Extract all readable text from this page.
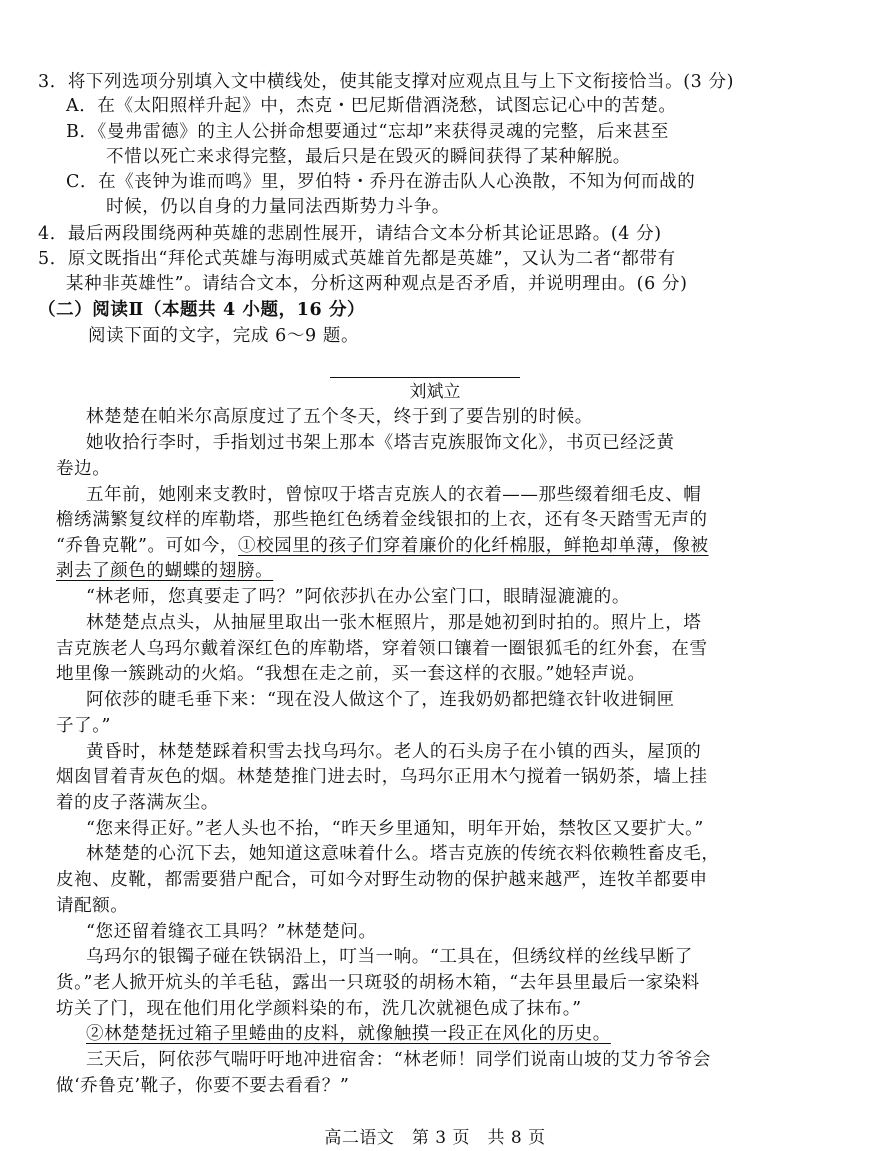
3．将下列选项分别填入文中横线处，使其能支撑对应观点且与上下文衔接恰当。(3 分)
A．在《太阳照样升起》中，杰克・巴尼斯借酒浇愁，试图忘记心中的苦楚。
B．《曼弗雷德》的主人公拼命想要通过“忘却”来获得灵魂的完整，后来甚至
不惜以死亡来求得完整，最后只是在毁灭的瞬间获得了某种解脱。
C．在《丧钟为谁而鸣》里，罗伯特・乔丹在游击队人心涣散，不知为何而战的
时候，仍以自身的力量同法西斯势力斗争。
4．最后两段围绕两种英雄的悲剧性展开，请结合文本分析其论证思路。(4 分)
5．原文既指出“拜伦式英雄与海明威式英雄首先都是英雄”，又认为二者“都带有
某种非英雄性”。请结合文本，分析这两种观点是否矛盾，并说明理由。(6 分)
（二）阅读Ⅱ（本题共 4 小题，16 分）
阅读下面的文字，完成 6～9 题。
刘斌立
林楚楚在帕米尔高原度过了五个冬天，终于到了要告别的时候。
她收拾行李时，手指划过书架上那本《塔吉克族服饰文化》，书页已经泛黄
卷边。
五年前，她刚来支教时，曾惊叹于塔吉克族人的衣着——那些缀着细毛皮、帽
檐绣满繁复纹样的库勒塔，那些艳红色绣着金线银扣的上衣，还有冬天踏雪无声的
“乔鲁克靴”。可如今，①校园里的孩子们穿着廉价的化纤棉服，鲜艳却单薄，像被
剥去了颜色的蝴蝶的翅膀。
“林老师，您真要走了吗？”阿依莎扒在办公室门口，眼睛湿漉漉的。
林楚楚点点头，从抽屉里取出一张木框照片，那是她初到时拍的。照片上，塔
吉克族老人乌玛尔戴着深红色的库勒塔，穿着领口镶着一圈银狐毛的红外套，在雪
地里像一簇跳动的火焰。“我想在走之前，买一套这样的衣服。”她轻声说。
阿依莎的睫毛垂下来：“现在没人做这个了，连我奶奶都把缝衣针收进铜匣
子了。”
黄昏时，林楚楚踩着积雪去找乌玛尔。老人的石头房子在小镇的西头，屋顶的
烟囱冒着青灰色的烟。林楚楚推门进去时，乌玛尔正用木勺搅着一锅奶茶，墙上挂
着的皮子落满灰尘。
“您来得正好。”老人头也不抬，“昨天乡里通知，明年开始，禁牧区又要扩大。”
林楚楚的心沉下去，她知道这意味着什么。塔吉克族的传统衣料依赖牲畜皮毛，
皮袍、皮靴，都需要猎户配合，可如今对野生动物的保护越来越严，连牧羊都要申
请配额。
“您还留着缝衣工具吗？”林楚楚问。
乌玛尔的银镯子碰在铁锅沿上，叮当一响。“工具在，但绣纹样的丝线早断了
货。”老人掀开炕头的羊毛毡，露出一只斑驳的胡杨木箱，“去年县里最后一家染料
坊关了门，现在他们用化学颜料染的布，洗几次就褪色成了抹布。”
②林楚楚抚过箱子里蜷曲的皮料，就像触摸一段正在风化的历史。
三天后，阿依莎气喘吁吁地冲进宿舍：“林老师！同学们说南山坡的艾力爷爷会
做‘乔鲁克’靴子，你要不要去看看？”
高二语文　第 3 页　共 8 页
